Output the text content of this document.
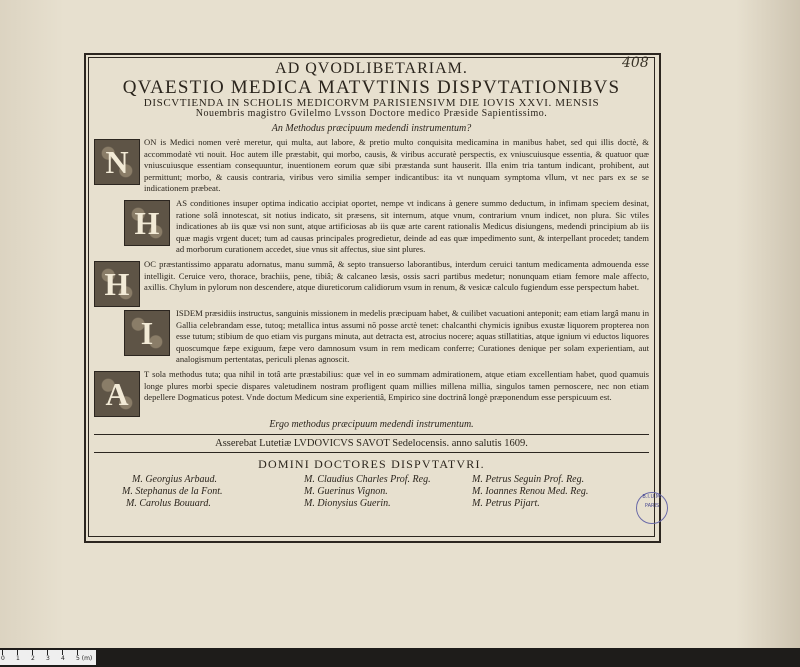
408
AD QVODLIBETARIAM.
QVAESTIO MEDICA MATVTINIS DISPVTATIONIBVS
DISCVTIENDA IN SCHOLIS MEDICORVM PARISIENSIVM DIE IOVIS XXVI. MENSIS
Nouembris magistro Gvilelmo Lvsson Doctore medico Præside Sapientissimo.
An Methodus præcipuum medendi instrumentum?
N
ON is Medici nomen verè meretur, qui multa, aut labore, & pretio multo conquisita medicamina in manibus habet, sed qui illis doctè, & accommodatè vti nouit. Hoc autem ille præstabit, qui morbo, causis, & viribus accuratè perspectis, ex vniuscuiusque essentia, & quatuor quæ vniuscuiusque essentiam consequuntur, inuentionem eorum quæ sibi præstanda sunt hauserit. Illa enim tria tantum indicant, prohibent, aut permittunt; morbo, & causis contraria, viribus vero similia semper indicantibus: ita vt nunquam symptoma vllum, vt nec pars ex se se indicationem præbeat.
H
AS conditiones insuper optima indicatio accipiat oportet, nempe vt indicans à genere summo deductum, in infimam speciem desinat, ratione solâ innotescat, sit notius indicato, sit præsens, sit internum, atque vnum, contrarium vnum indicet, non plura. Sic vtiles indicationes ab iis quæ vsi non sunt, atque artificiosas ab iis quæ arte carent rationalis Medicus disiungens, medendi principium ab iis quæ magis vrgent ducet; tum ad causas principales progredietur, deinde ad eas quæ impedimento sunt, & interpellant procedet; tandem ad morborum curationem accedet, siue vnus sit affectus, siue sint plures.
H
OC præstantissimo apparatu adornatus, manu summâ, & septo transuerso laborantibus, interdum ceruici tantum medicamenta admouenda esse intelligit. Ceruice vero, thorace, brachiis, pene, tibiâ; & calcaneo læsis, ossis sacri partibus medetur; nonunquam etiam femore male affecto, axillis. Chylum in pylorum non descendere, atque diureticorum calidiorum vsum in renum, & vesicæ calculo fugiendum esse perspectum habet.
I
ISDEM præsidiis instructus, sanguinis missionem in medelis præcipuam habet, & cuilibet vacuationi anteponit; eam etiam largâ manu in Gallia celebrandam esse, tutoq; metallica intus assumi nō posse arctè tenet: chalcanthi chymicis ignibus exustæ liquorem propterea non esse tutum; stibium de quo etiam vis purgans minuta, aut detracta est, atrocius nocere; aquas stillatitias, atque ignium vi eductos liquores quoscumque fæpe exiguum, fæpe vero damnosum vsum in rem medicam conferre; Curationes denique per solam experientiam, aut analogismum pertentatas, periculi plenas agnoscit.
A
T sola methodus tuta; qua nihil in totâ arte præstabilius: quæ vel in eo summam admirationem, atque etiam excellentiam habet, quod quamuis longe plures morbi specie dispares valetudinem nostram profligent quam millies millena millia, singulos tamen pernoscere, nec non etiam depellere Dogmaticus potest. Vnde doctum Medicum sine experientiâ, Empirico sine doctrinâ longè præponendum esse perspicuum est.
Ergo methodus præcipuum medendi instrumentum.
Asserebat Lutetiæ LVDOVICVS SAVOT Sedelocensis. anno salutis 1609.
DOMINI DOCTORES DISPVTATVRI.
M. Georgius Arbaud.
M. Stephanus de la Font.
M. Carolus Bouuard.
M. Claudius Charles Prof. Reg.
M. Guerinus Vignon.
M. Dionysius Guerin.
M. Petrus Seguin Prof. Reg.
M. Ioannes Renou Med. Reg.
M. Petrus Pijart.
B.I.U.M. PARIS
0 1 2 3 4 5 (m)
